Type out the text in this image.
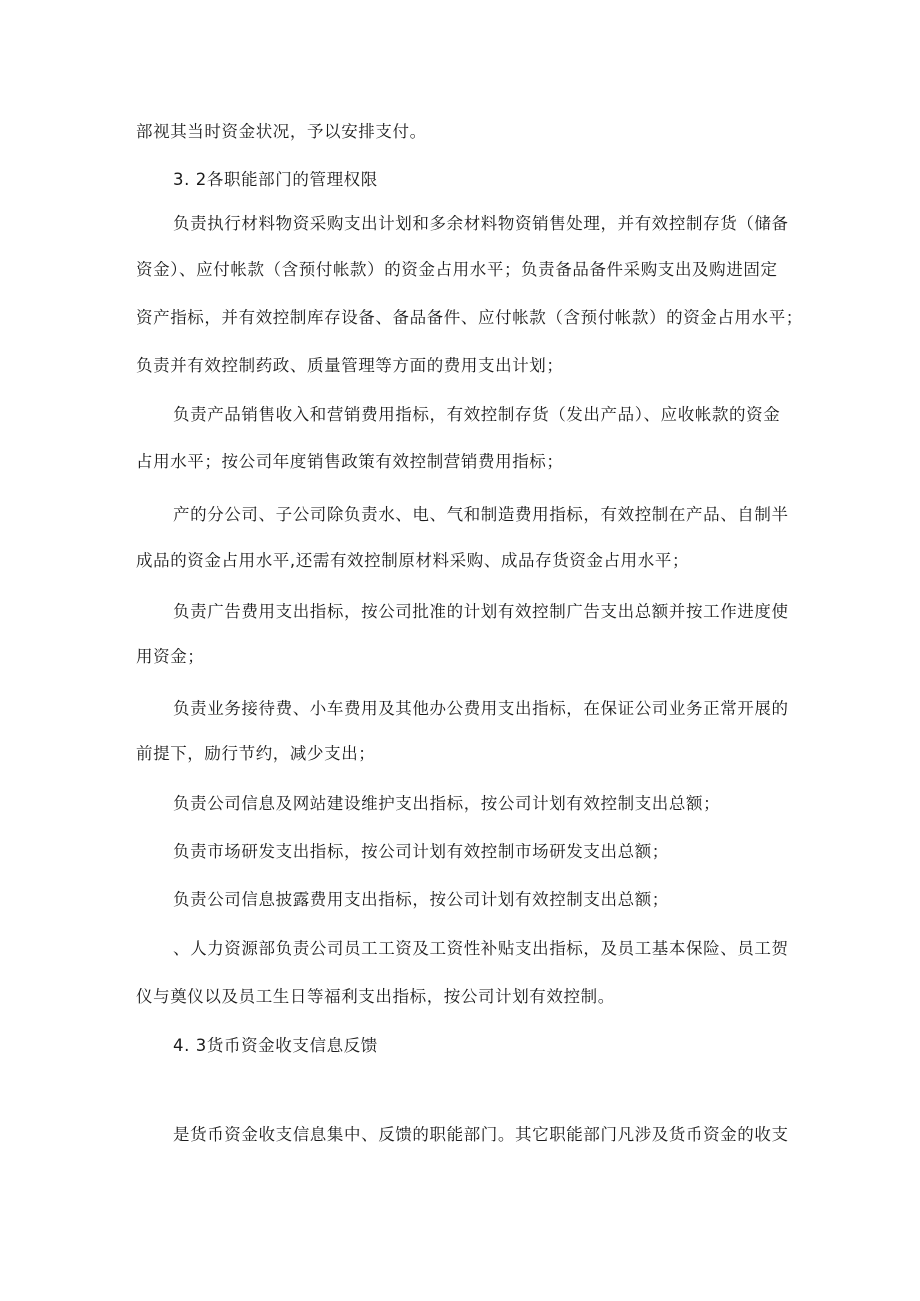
部视其当时资金状况，予以安排支付。

3. 2各职能部门的管理权限

负责执行材料物资采购支出计划和多余材料物资销售处理，并有效控制存货（储备

资金）、应付帐款（含预付帐款）的资金占用水平；负责备品备件采购支出及购进固定

资产指标，并有效控制库存设备、备品备件、应付帐款（含预付帐款）的资金占用水平；

负责并有效控制药政、质量管理等方面的费用支出计划；

负责产品销售收入和营销费用指标，有效控制存货（发出产品）、应收帐款的资金

占用水平；按公司年度销售政策有效控制营销费用指标；

产的分公司、子公司除负责水、电、气和制造费用指标，有效控制在产品、自制半

成品的资金占用水平,还需有效控制原材料采购、成品存货资金占用水平；

负责广告费用支出指标，按公司批准的计划有效控制广告支出总额并按工作进度使

用资金；

负责业务接待费、小车费用及其他办公费用支出指标，在保证公司业务正常开展的

前提下，励行节约，减少支出；

负责公司信息及网站建设维护支出指标，按公司计划有效控制支出总额；

负责市场研发支出指标，按公司计划有效控制市场研发支出总额；

负责公司信息披露费用支出指标，按公司计划有效控制支出总额；

、人力资源部负责公司员工工资及工资性补贴支出指标，及员工基本保险、员工贺

仪与奠仪以及员工生日等福利支出指标，按公司计划有效控制。

4. 3货币资金收支信息反馈

是货币资金收支信息集中、反馈的职能部门。其它职能部门凡涉及货币资金的收支
